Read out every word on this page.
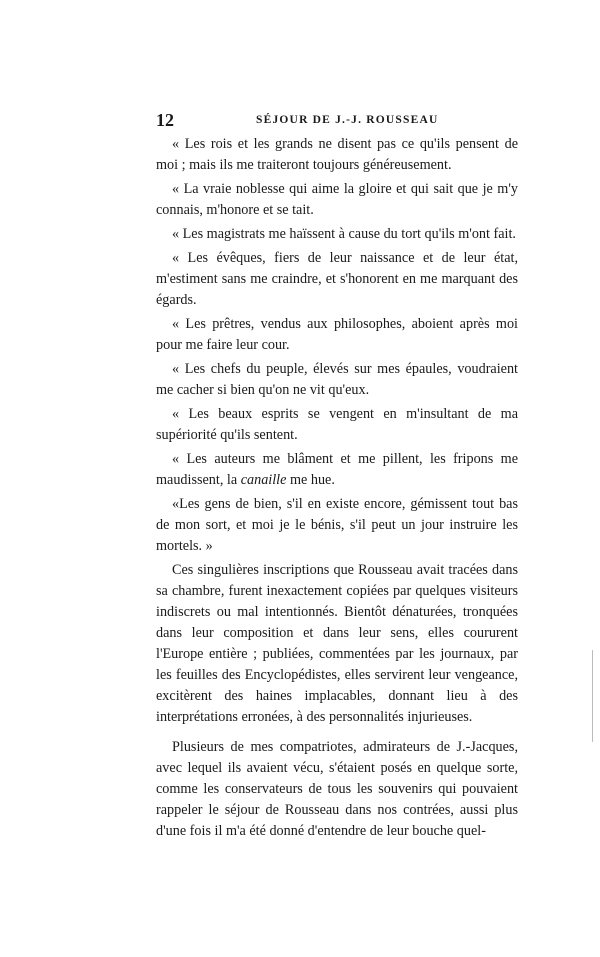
12	SÉJOUR DE J.-J. ROUSSEAU

« Les rois et les grands ne disent pas ce qu'ils pensent de moi ; mais ils me traiteront toujours généreusement.

« La vraie noblesse qui aime la gloire et qui sait que je m'y connais, m'honore et se tait.

« Les magistrats me haïssent à cause du tort qu'ils m'ont fait.

« Les évêques, fiers de leur naissance et de leur état, m'estiment sans me craindre, et s'honorent en me marquant des égards.

« Les prêtres, vendus aux philosophes, aboient après moi pour me faire leur cour.

« Les chefs du peuple, élevés sur mes épaules, voudraient me cacher si bien qu'on ne vit qu'eux.

« Les beaux esprits se vengent en m'insultant de ma supériorité qu'ils sentent.

« Les auteurs me blâment et me pillent, les fripons me maudissent, la canaille me hue.

«Les gens de bien, s'il en existe encore, gémissent tout bas de mon sort, et moi je le bénis, s'il peut un jour instruire les mortels. »

Ces singulières inscriptions que Rousseau avait tracées dans sa chambre, furent inexactement copiées par quelques visiteurs indiscrets ou mal intentionnés. Bientôt dénaturées, tronquées dans leur composition et dans leur sens, elles coururent l'Europe entière ; publiées, commentées par les journaux, par les feuilles des Encyclopédistes, elles servirent leur vengeance, excitèrent des haines implacables, donnant lieu à des interprétations erronées, à des personnalités injurieuses.

Plusieurs de mes compatriotes, admirateurs de J.-Jacques, avec lequel ils avaient vécu, s'étaient posés en quelque sorte, comme les conservateurs de tous les souvenirs qui pouvaient rappeler le séjour de Rousseau dans nos contrées, aussi plus d'une fois il m'a été donné d'entendre de leur bouche quel-
